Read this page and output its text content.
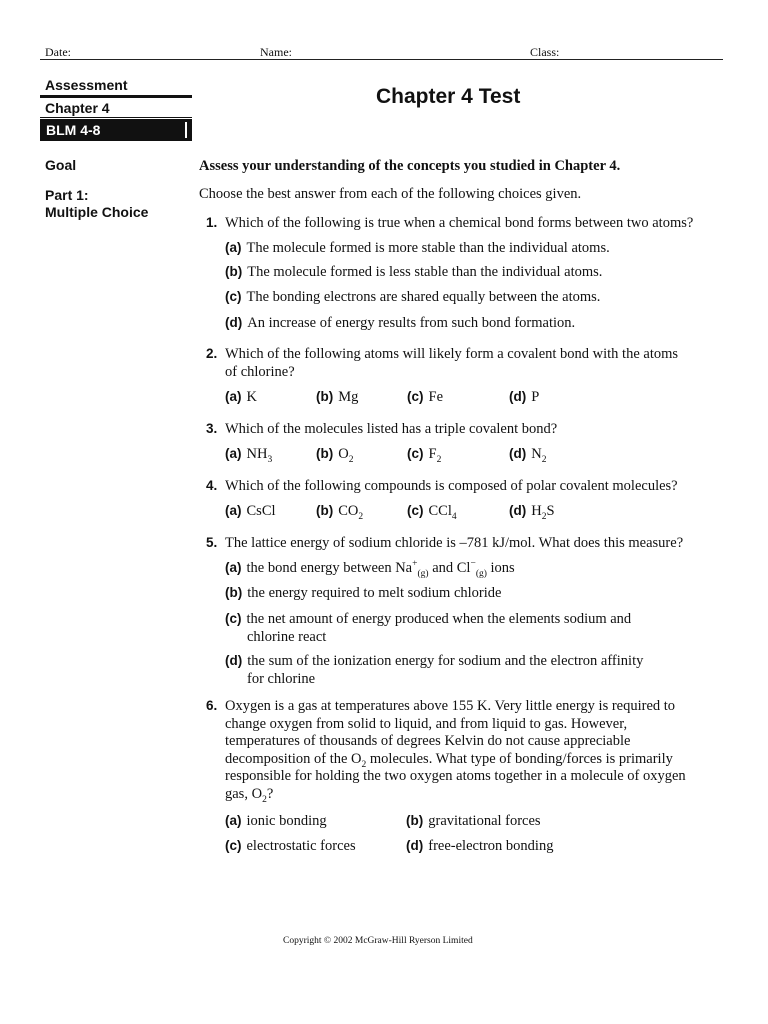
Date:	Name:	Class:
Assessment
Chapter 4
BLM 4-8
Goal
Part 1:
Multiple Choice
Chapter 4 Test
Assess your understanding of the concepts you studied in Chapter 4.
Choose the best answer from each of the following choices given.
1. Which of the following is true when a chemical bond forms between two atoms?
(a) The molecule formed is more stable than the individual atoms.
(b) The molecule formed is less stable than the individual atoms.
(c) The bonding electrons are shared equally between the atoms.
(d) An increase of energy results from such bond formation.
2. Which of the following atoms will likely form a covalent bond with the atoms
of chlorine?
(a) K	(b) Mg	(c) Fe	(d) P
3. Which of the molecules listed has a triple covalent bond?
(a) $NH_3$	(b) $O_2$	(c) $F_2$	(d) $N_2$
4. Which of the following compounds is composed of polar covalent molecules?
(a) CsCl	(b) $CO_2$	(c) CCl$_4$	(d) $H_2S$
5. The lattice energy of sodium chloride is –781 kJ/mol. What does this measure?
(a) the bond energy between $Na^+_{(g)}$ and $Cl^-_{(g)}$ ions
(b) the energy required to melt sodium chloride
(c) the net amount of energy produced when the elements sodium and
chlorine react
(d) the sum of the ionization energy for sodium and the electron affinity
for chlorine
6. Oxygen is a gas at temperatures above 155 K. Very little energy is required to
change oxygen from solid to liquid, and from liquid to gas. However,
temperatures of thousands of degrees Kelvin do not cause appreciable
decomposition of the $O_2$ molecules. What type of bonding/forces is primarily
responsible for holding the two oxygen atoms together in a molecule of oxygen
gas, $O_2$?
(a) ionic bonding	(b) gravitational forces
(c) electrostatic forces	(d) free-electron bonding
Copyright © 2002 McGraw-Hill Ryerson Limited
